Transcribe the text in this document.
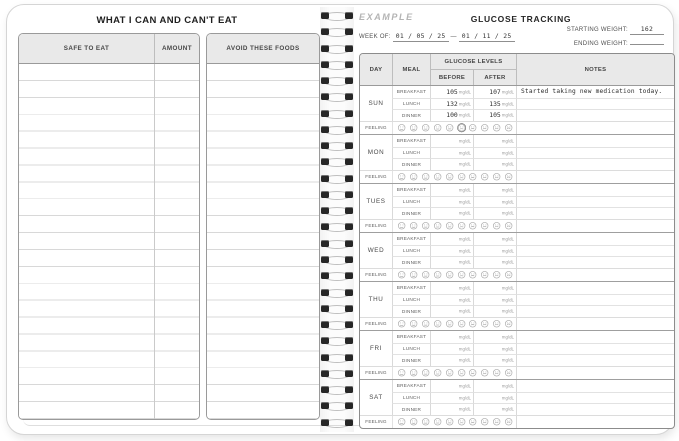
WHAT I CAN AND CAN'T EAT
SAFE TO EAT	AMOUNT	AVOID THESE FOODS
EXAMPLE	GLUCOSE TRACKING
WEEK OF: 01 / 05 / 25 — 01 / 11 / 25
STARTING WEIGHT: 162
ENDING WEIGHT:
DAY	MEAL
GLUCOSE LEVELS
BEFORE	AFTER
NOTES
SUN
BREAKFAST	105 mg/dL	107 mg/dL	Started taking new medication today.
LUNCH	132 mg/dL	135 mg/dL
DINNER	100 mg/dL	105 mg/dL
FEELING
MON
BREAKFAST	mg/dL	mg/dL
LUNCH	mg/dL	mg/dL
DINNER	mg/dL	mg/dL
FEELING
TUES
BREAKFAST	mg/dL	mg/dL
LUNCH	mg/dL	mg/dL
DINNER	mg/dL	mg/dL
FEELING
WED
BREAKFAST	mg/dL	mg/dL
LUNCH	mg/dL	mg/dL
DINNER	mg/dL	mg/dL
FEELING
THU
BREAKFAST	mg/dL	mg/dL
LUNCH	mg/dL	mg/dL
DINNER	mg/dL	mg/dL
FEELING
FRI
BREAKFAST	mg/dL	mg/dL
LUNCH	mg/dL	mg/dL
DINNER	mg/dL	mg/dL
FEELING
SAT
BREAKFAST	mg/dL	mg/dL
LUNCH	mg/dL	mg/dL
DINNER	mg/dL	mg/dL
FEELING
